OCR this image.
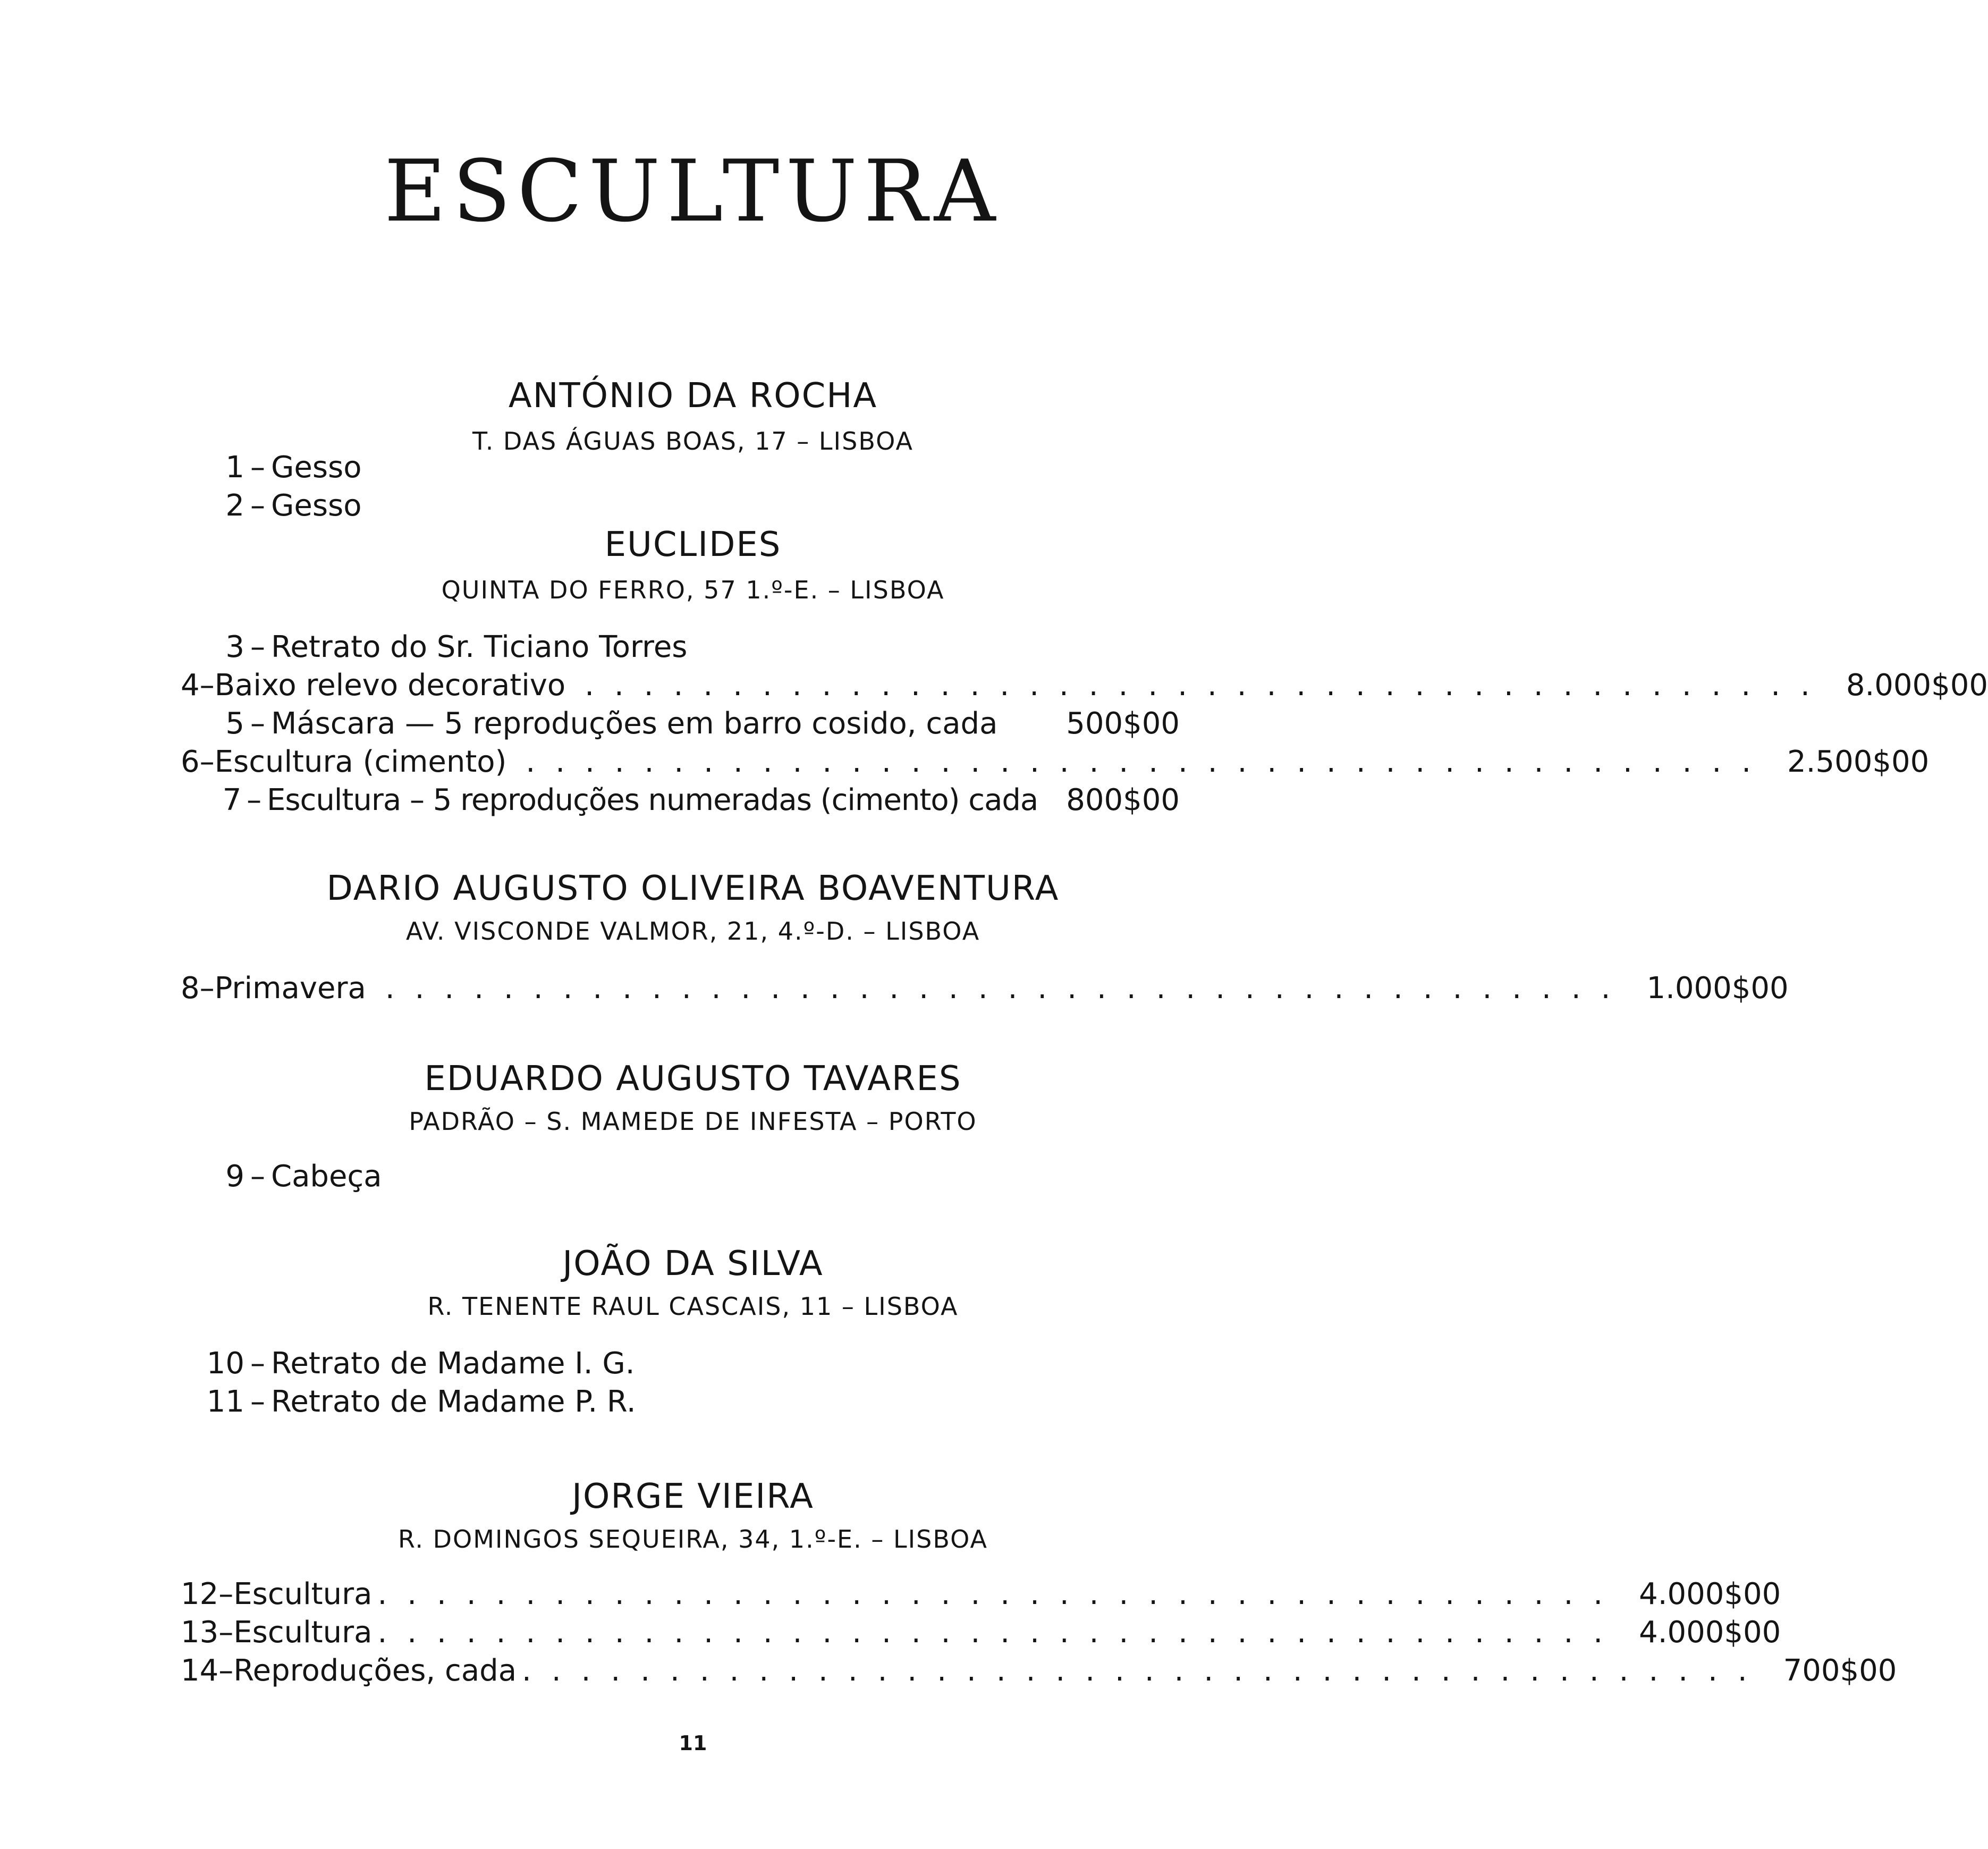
ESCULTURA
ANTÓNIO DA ROCHA
T. DAS ÁGUAS BOAS, 17 – LISBOA
1 – Gesso
2 – Gesso
EUCLIDES
QUINTA DO FERRO, 57 1.º-E. – LISBOA
3 – Retrato do Sr. Ticiano Torres
4 – Baixo relevo decorativo .......................................... 8.000$00
5 – Máscara — 5 reproduções em barro cosido, cada	500$00
6 – Escultura (cimento) .......................................... 2.500$00
7 – Escultura – 5 reproduções numeradas (cimento) cada 800$00
DARIO AUGUSTO OLIVEIRA BOAVENTURA
AV. VISCONDE VALMOR, 21, 4.º-D. – LISBOA
8 – Primavera .......................................... 1.000$00
EDUARDO AUGUSTO TAVARES
PADRÃO – S. MAMEDE DE INFESTA – PORTO
9 – Cabeça
JOÃO DA SILVA
R. TENENTE RAUL CASCAIS, 11 – LISBOA
10 – Retrato de Madame I. G.
11 – Retrato de Madame P. R.
JORGE VIEIRA
R. DOMINGOS SEQUEIRA, 34, 1.º-E. – LISBOA
12 – Escultura .......................................... 4.000$00
13 – Escultura .......................................... 4.000$00
14 – Reproduções, cada .......................................... 700$00
11
